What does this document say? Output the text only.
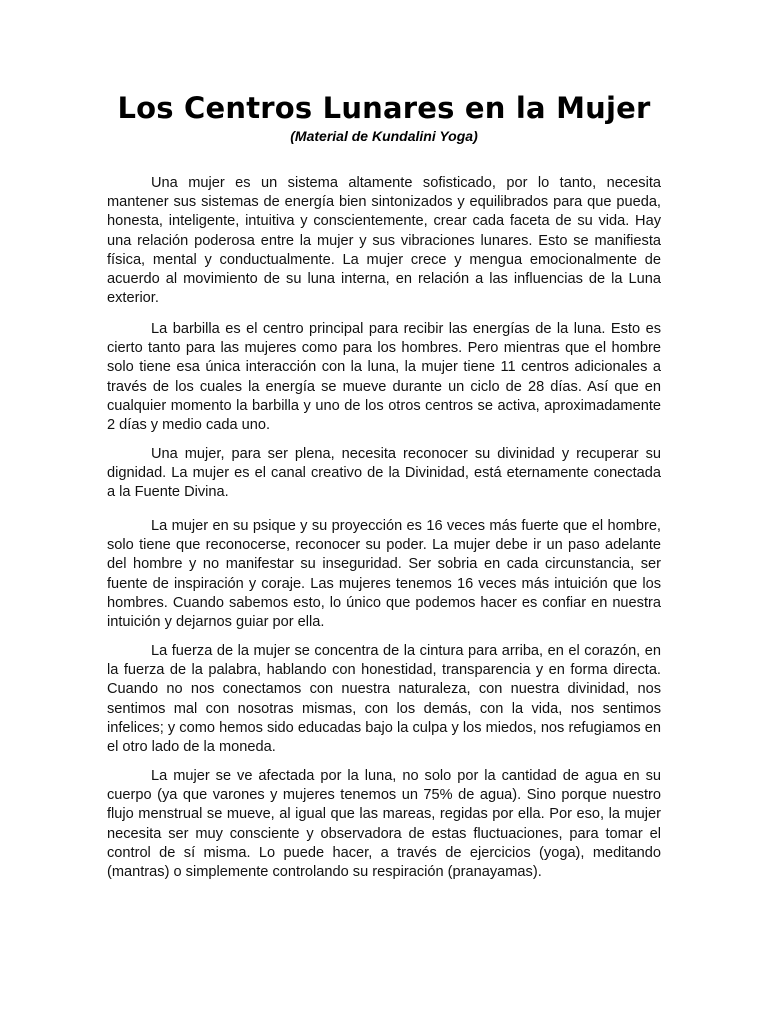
Los Centros Lunares en la Mujer

(Material de Kundalini Yoga)

Una mujer es un sistema altamente sofisticado, por lo tanto, necesita mantener sus sistemas de energía bien sintonizados y equilibrados para que pueda, honesta, inteligente, intuitiva y conscientemente, crear cada faceta de su vida. Hay una relación poderosa entre la mujer y sus vibraciones lunares. Esto se manifiesta física, mental y conductualmente. La mujer crece y mengua emocionalmente de acuerdo al movimiento de su luna interna, en relación a las influencias de la Luna exterior.

La barbilla es el centro principal para recibir las energías de la luna. Esto es cierto tanto para las mujeres como para los hombres. Pero mientras que el hombre solo tiene esa única interacción con la luna, la mujer tiene 11 centros adicionales a través de los cuales la energía se mueve durante un ciclo de 28 días. Así que en cualquier momento la barbilla y uno de los otros centros se activa, aproximadamente 2 días y medio cada uno.

Una mujer, para ser plena, necesita reconocer su divinidad y recuperar su dignidad. La mujer es el canal creativo de la Divinidad, está eternamente conectada a la Fuente Divina.

La mujer en su psique y su proyección es 16 veces más fuerte que el hombre, solo tiene que reconocerse, reconocer su poder. La mujer debe ir un paso adelante del hombre y no manifestar su inseguridad. Ser sobria en cada circunstancia, ser fuente de inspiración y coraje. Las mujeres tenemos 16 veces más intuición que los hombres. Cuando sabemos esto, lo único que podemos hacer es confiar en nuestra intuición y dejarnos guiar por ella.

La fuerza de la mujer se concentra de la cintura para arriba, en el corazón, en la fuerza de la palabra, hablando con honestidad, transparencia y en forma directa. Cuando no nos conectamos con nuestra naturaleza, con nuestra divinidad, nos sentimos mal con nosotras mismas, con los demás, con la vida, nos sentimos infelices; y como hemos sido educadas bajo la culpa y los miedos, nos refugiamos en el otro lado de la moneda.

La mujer se ve afectada por la luna, no solo por la cantidad de agua en su cuerpo (ya que varones y mujeres tenemos un 75% de agua). Sino porque nuestro flujo menstrual se mueve, al igual que las mareas, regidas por ella. Por eso, la mujer necesita ser muy consciente y observadora de estas fluctuaciones, para tomar el control de sí misma. Lo puede hacer, a través de ejercicios (yoga), meditando (mantras) o simplemente controlando su respiración (pranayamas).
